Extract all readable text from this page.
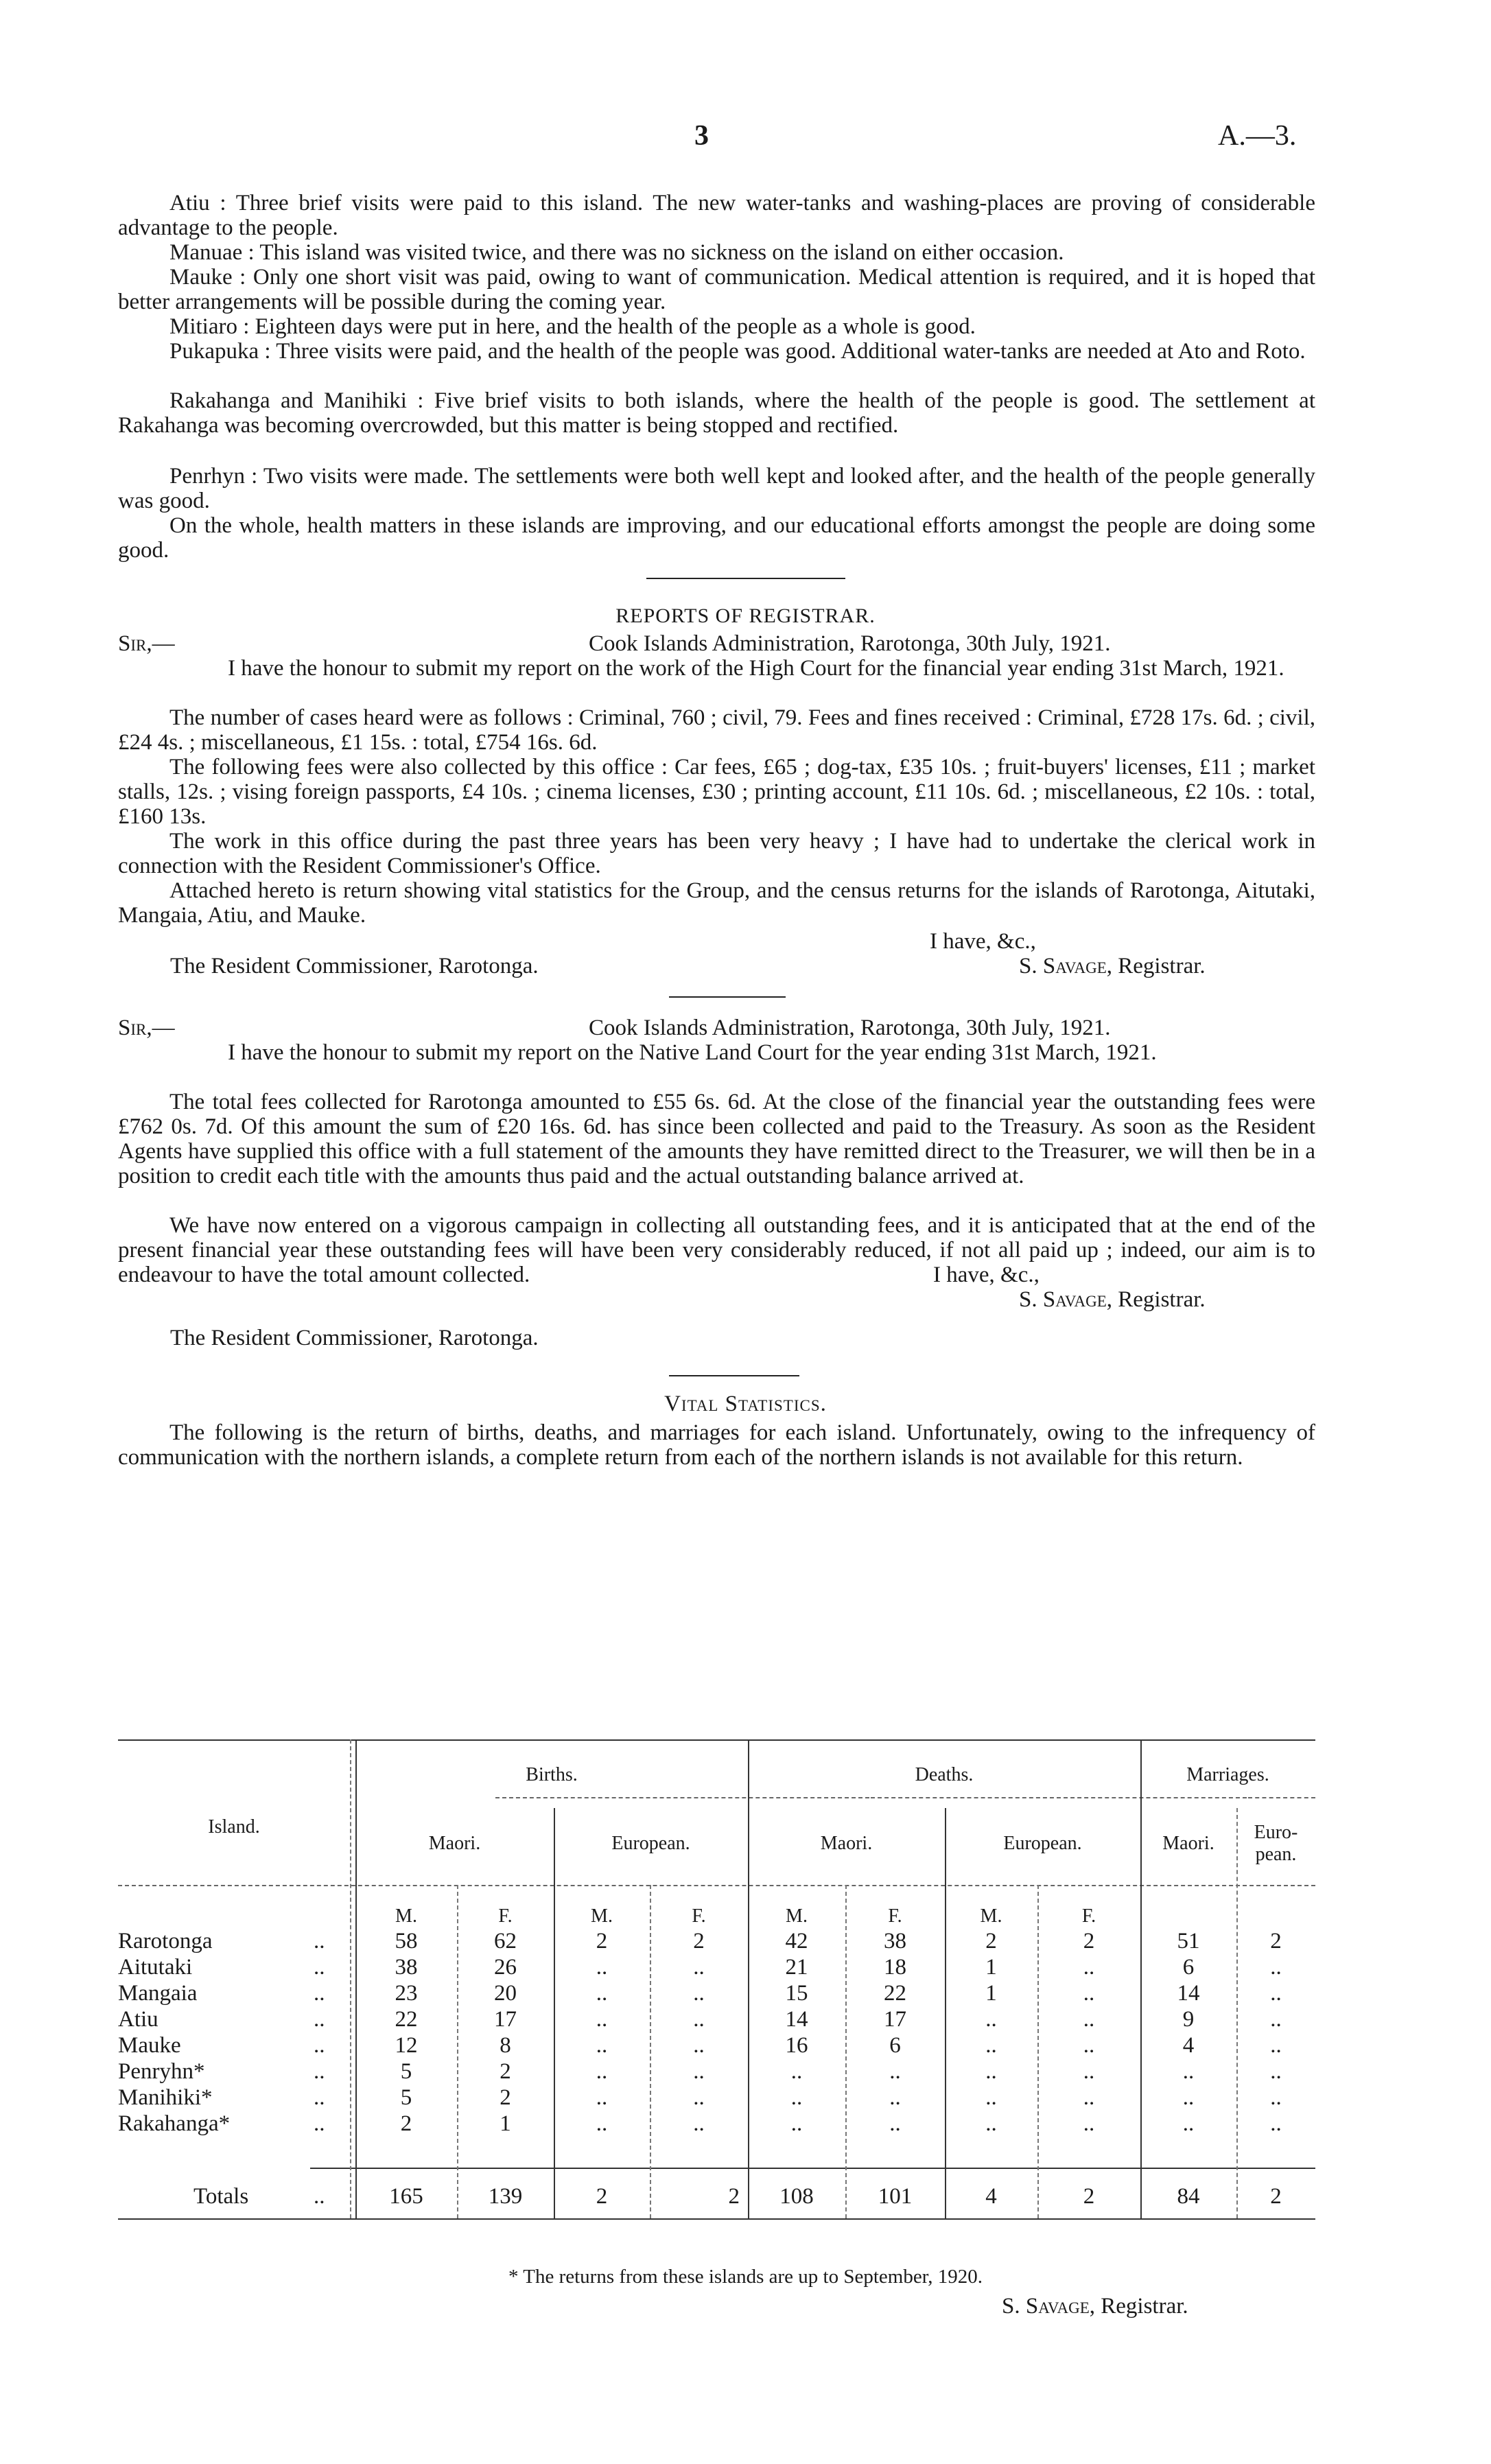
3	A.—3.
Atiu : Three brief visits were paid to this island. The new water-tanks and washing-places are proving of considerable advantage to the people.
Manuae : This island was visited twice, and there was no sickness on the island on either occasion.
Mauke : Only one short visit was paid, owing to want of communication. Medical attention is required, and it is hoped that better arrangements will be possible during the coming year.
Mitiaro : Eighteen days were put in here, and the health of the people as a whole is good.
Pukapuka : Three visits were paid, and the health of the people was good. Additional water-tanks are needed at Ato and Roto.
Rakahanga and Manihiki : Five brief visits to both islands, where the health of the people is good. The settlement at Rakahanga was becoming overcrowded, but this matter is being stopped and rectified.
Penrhyn : Two visits were made. The settlements were both well kept and looked after, and the health of the people generally was good.
On the whole, health matters in these islands are improving, and our educational efforts amongst the people are doing some good.
REPORTS OF REGISTRAR.
Sir,—	Cook Islands Administration, Rarotonga, 30th July, 1921.
I have the honour to submit my report on the work of the High Court for the financial year ending 31st March, 1921.
The number of cases heard were as follows : Criminal, 760 ; civil, 79. Fees and fines received : Criminal, £728 17s. 6d. ; civil, £24 4s. ; miscellaneous, £1 15s. : total, £754 16s. 6d.
The following fees were also collected by this office : Car fees, £65 ; dog-tax, £35 10s. ; fruit-buyers' licenses, £11 ; market stalls, 12s. ; vising foreign passports, £4 10s. ; cinema licenses, £30 ; printing account, £11 10s. 6d. ; miscellaneous, £2 10s. : total, £160 13s.
The work in this office during the past three years has been very heavy ; I have had to undertake the clerical work in connection with the Resident Commissioner's Office.
Attached hereto is return showing vital statistics for the Group, and the census returns for the islands of Rarotonga, Aitutaki, Mangaia, Atiu, and Mauke.
I have, &c.,
The Resident Commissioner, Rarotonga.	S. Savage, Registrar.
Sir,—	Cook Islands Administration, Rarotonga, 30th July, 1921.
I have the honour to submit my report on the Native Land Court for the year ending 31st March, 1921.
The total fees collected for Rarotonga amounted to £55 6s. 6d. At the close of the financial year the outstanding fees were £762 0s. 7d. Of this amount the sum of £20 16s. 6d. has since been collected and paid to the Treasury. As soon as the Resident Agents have supplied this office with a full statement of the amounts they have remitted direct to the Treasurer, we will then be in a position to credit each title with the amounts thus paid and the actual outstanding balance arrived at.
We have now entered on a vigorous campaign in collecting all outstanding fees, and it is anticipated that at the end of the present financial year these outstanding fees will have been very considerably reduced, if not all paid up ; indeed, our aim is to endeavour to have the total amount collected.	I have, &c.,
S. Savage, Registrar.
The Resident Commissioner, Rarotonga.
Vital Statistics.
The following is the return of births, deaths, and marriages for each island. Unfortunately, owing to the infrequency of communication with the northern islands, a complete return from each of the northern islands is not available for this return.
Island.
Births.	Deaths.	Marriages.
Maori.	European.	Maori.	European.	Maori.
Euro-
pean.
M.	F.	M.	F.	M.	F.	M.	F.
Rarotonga	..	58	62	2	2	42	38	2	2	51	2
Aitutaki	..	38	26	..	..	21	18	1	..	6	..
Mangaia	..	23	20	..	..	15	22	1	..	14	..
Atiu	..	22	17	..	..	14	17	..	..	9	..
Mauke	..	12	8	..	..	16	6	..	..	4	..
Penryhn*	..	5	2	..	..	..	..	..	..	..	..
Manihiki*	..	5	2	..	..	..	..	..	..	..	..
Rakahanga*	..	2	1	..	..	..	..	..	..	..	..
Totals	..	165	139	2	2	108	101	4	2	84	2
* The returns from these islands are up to September, 1920.
S. Savage, Registrar.
